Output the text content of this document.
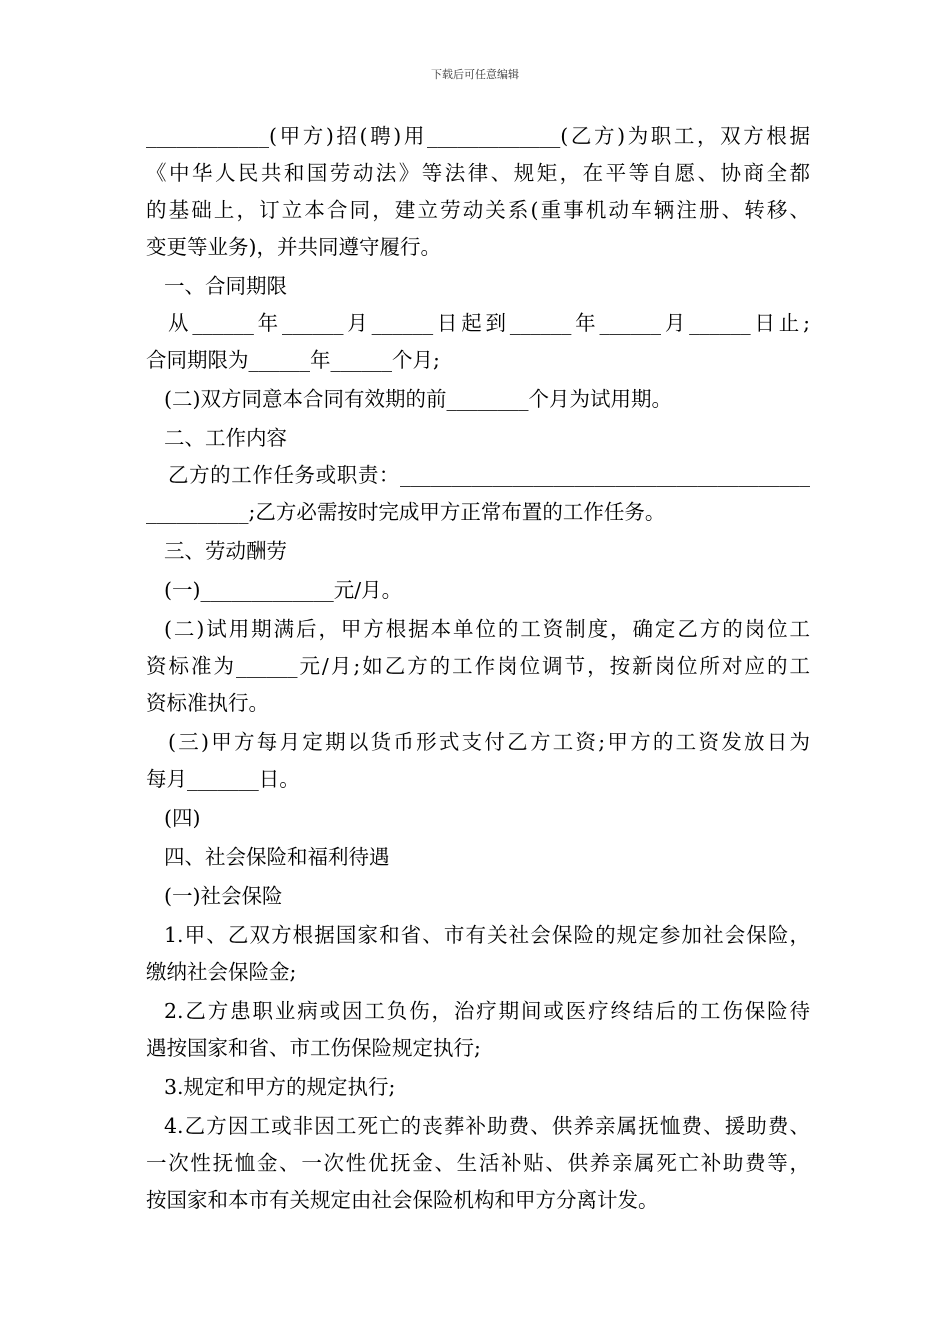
下载后可任意编辑

____________(甲方)招(聘)用_____________(乙方)为职工，双方根据

《中华人民共和国劳动法》等法律、规矩，在平等自愿、协商全都

的基础上，订立本合同，建立劳动关系(重事机动车辆注册、转移、

变更等业务)，并共同遵守履行。

一、合同期限

从______年______月______日起到______年______月______日止;

合同期限为______年______个月;

(二)双方同意本合同有效期的前________个月为试用期。

二、工作内容

乙方的工作任务或职责：________________________________________

__________;乙方必需按时完成甲方正常布置的工作任务。

三、劳动酬劳

(一)_____________元/月。

(二)试用期满后，甲方根据本单位的工资制度，确定乙方的岗位工

资标准为______元/月;如乙方的工作岗位调节，按新岗位所对应的工

资标准执行。

(三)甲方每月定期以货币形式支付乙方工资;甲方的工资发放日为

每月_______日。

(四)

四、社会保险和福利待遇

(一)社会保险

1.甲、乙双方根据国家和省、市有关社会保险的规定参加社会保险，

缴纳社会保险金;

2.乙方患职业病或因工负伤，治疗期间或医疗终结后的工伤保险待

遇按国家和省、市工伤保险规定执行;

3.规定和甲方的规定执行;

4.乙方因工或非因工死亡的丧葬补助费、供养亲属抚恤费、援助费、

一次性抚恤金、一次性优抚金、生活补贴、供养亲属死亡补助费等，

按国家和本市有关规定由社会保险机构和甲方分离计发。
